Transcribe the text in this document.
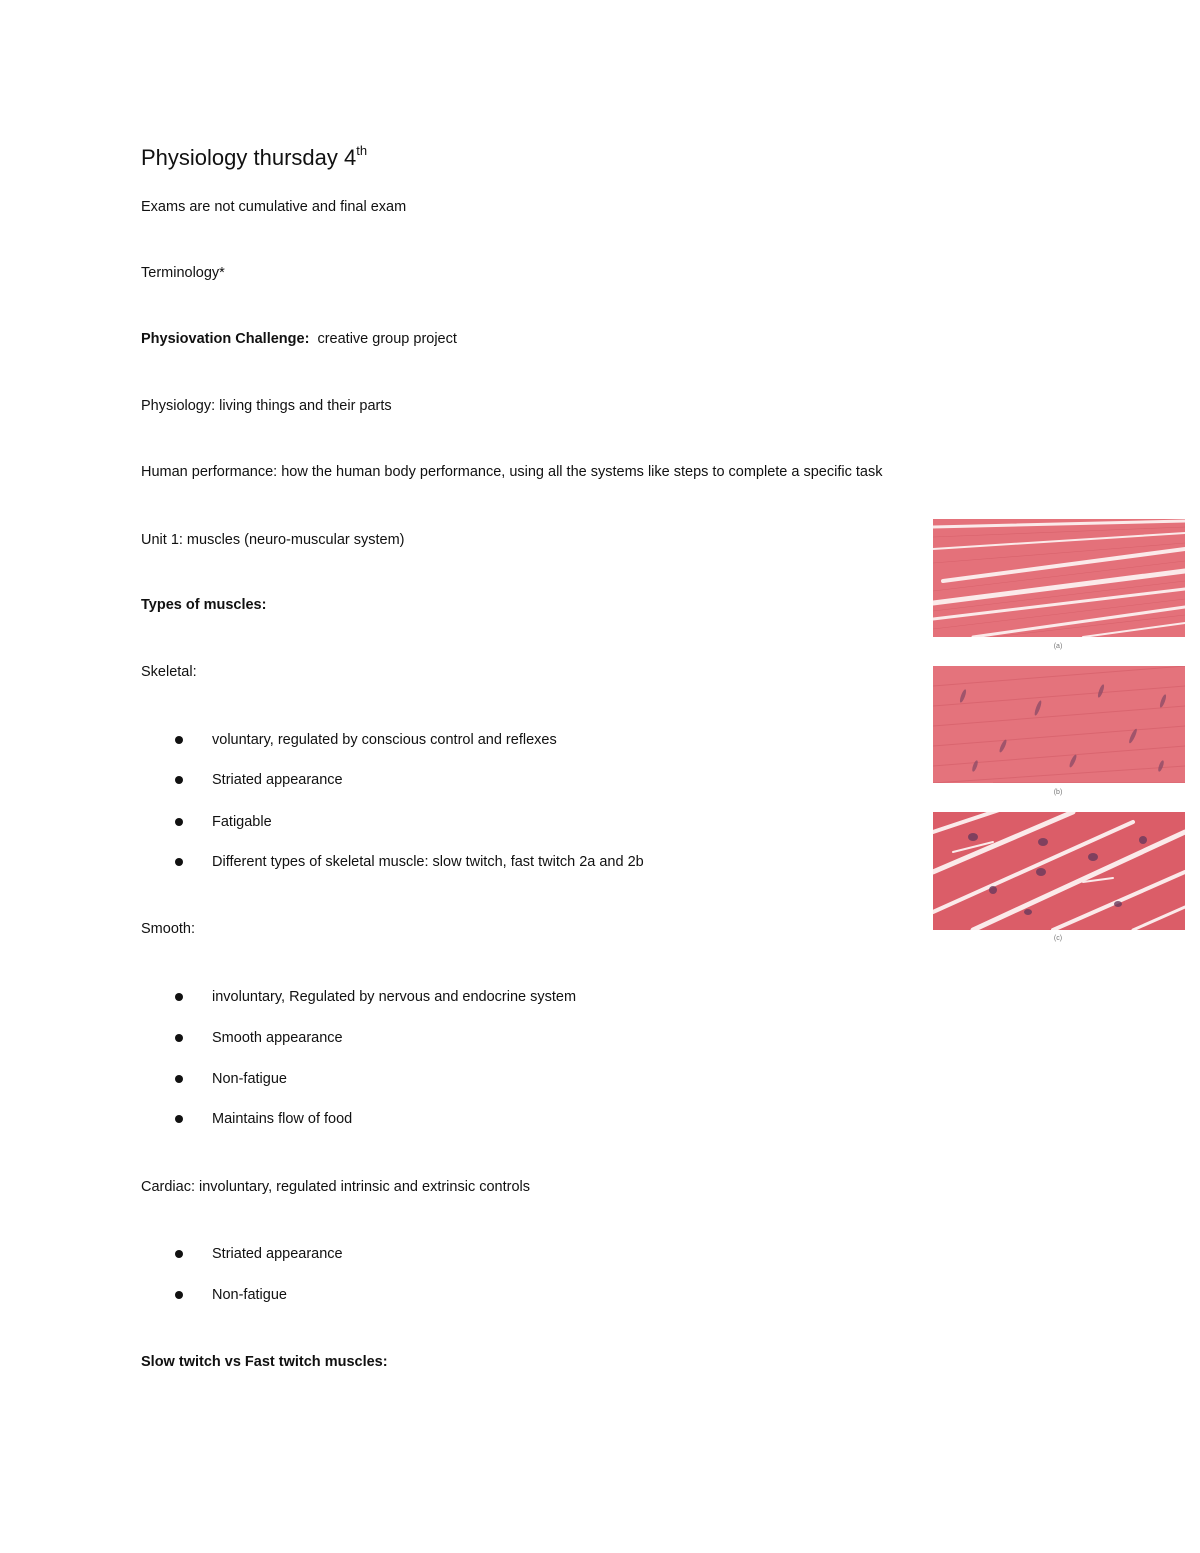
Physiology thursday 4th
Exams are not cumulative and final exam
Terminology*
Physiovation Challenge: creative group project
Physiology: living things and their parts
Human performance: how the human body performance, using all the systems like steps to complete a specific task
Unit 1: muscles (neuro-muscular system)
Types of muscles:
Skeletal:
voluntary, regulated by conscious control and reflexes
Striated appearance
Fatigable
Different types of skeletal muscle: slow twitch, fast twitch 2a and 2b
Smooth:
involuntary, Regulated by nervous and endocrine system
Smooth appearance
Non-fatigue
Maintains flow of food
Cardiac: involuntary, regulated intrinsic and extrinsic controls
Striated appearance
Non-fatigue
Slow twitch vs Fast twitch muscles:
(a)
(b)
(c)
